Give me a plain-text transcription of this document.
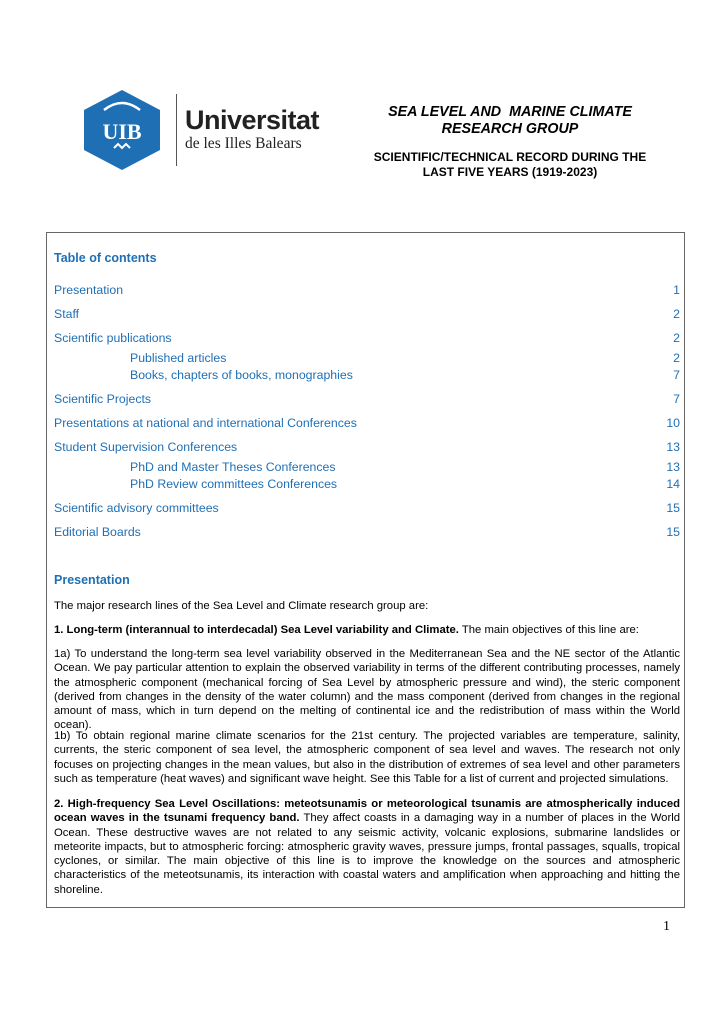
UIB Universitat
de les Illes Balears
SEA LEVEL AND  MARINE CLIMATE
RESEARCH GROUP
SCIENTIFIC/TECHNICAL RECORD DURING THE
LAST FIVE YEARS (1919-2023)
Table of contents
Presentation	1
Staff	2
Scientific publications	2
Published articles	2
Books, chapters of books, monographies	7
Scientific Projects	7
Presentations at national and international Conferences	10
Student Supervision Conferences	13
PhD and Master Theses Conferences	13
PhD Review committees Conferences	14
Scientific advisory committees	15
Editorial Boards	15
Presentation

The major research lines of the Sea Level and Climate research group are:

1. Long-term (interannual to interdecadal) Sea Level variability and Climate. The main objectives of this line are:

1a) To understand the long-term sea level variability observed in the Mediterranean Sea and the NE sector of the Atlantic Ocean. We pay particular attention to explain the observed variability in terms of the different contributing processes, namely the atmospheric component (mechanical forcing of Sea Level by atmospheric pressure and wind), the steric component (derived from changes in the density of the water column) and the mass component (derived from changes in the regional amount of mass, which in turn depend on the melting of continental ice and the redistribution of mass within the World ocean).

1b) To obtain regional marine climate scenarios for the 21st century. The projected variables are temperature, salinity, currents, the steric component of sea level, the atmospheric component of sea level and waves. The research not only focuses on projecting changes in the mean values, but also in the distribution of extremes of sea level and other parameters such as temperature (heat waves) and significant wave height. See this Table for a list of current and projected simulations.

2. High-frequency Sea Level Oscillations: meteotsunamis or meteorological tsunamis are atmospherically induced ocean waves in the tsunami frequency band. They affect coasts in a damaging way in a number of places in the World Ocean. These destructive waves are not related to any seismic activity, volcanic explosions, submarine landslides or meteorite impacts, but to atmospheric forcing: atmospheric gravity waves, pressure jumps, frontal passages, squalls, tropical cyclones, or similar. The main objective of this line is to improve the knowledge on the sources and atmospheric characteristics of the meteotsunamis, its interaction with coastal waters and amplification when approaching and hitting the shoreline.

1
